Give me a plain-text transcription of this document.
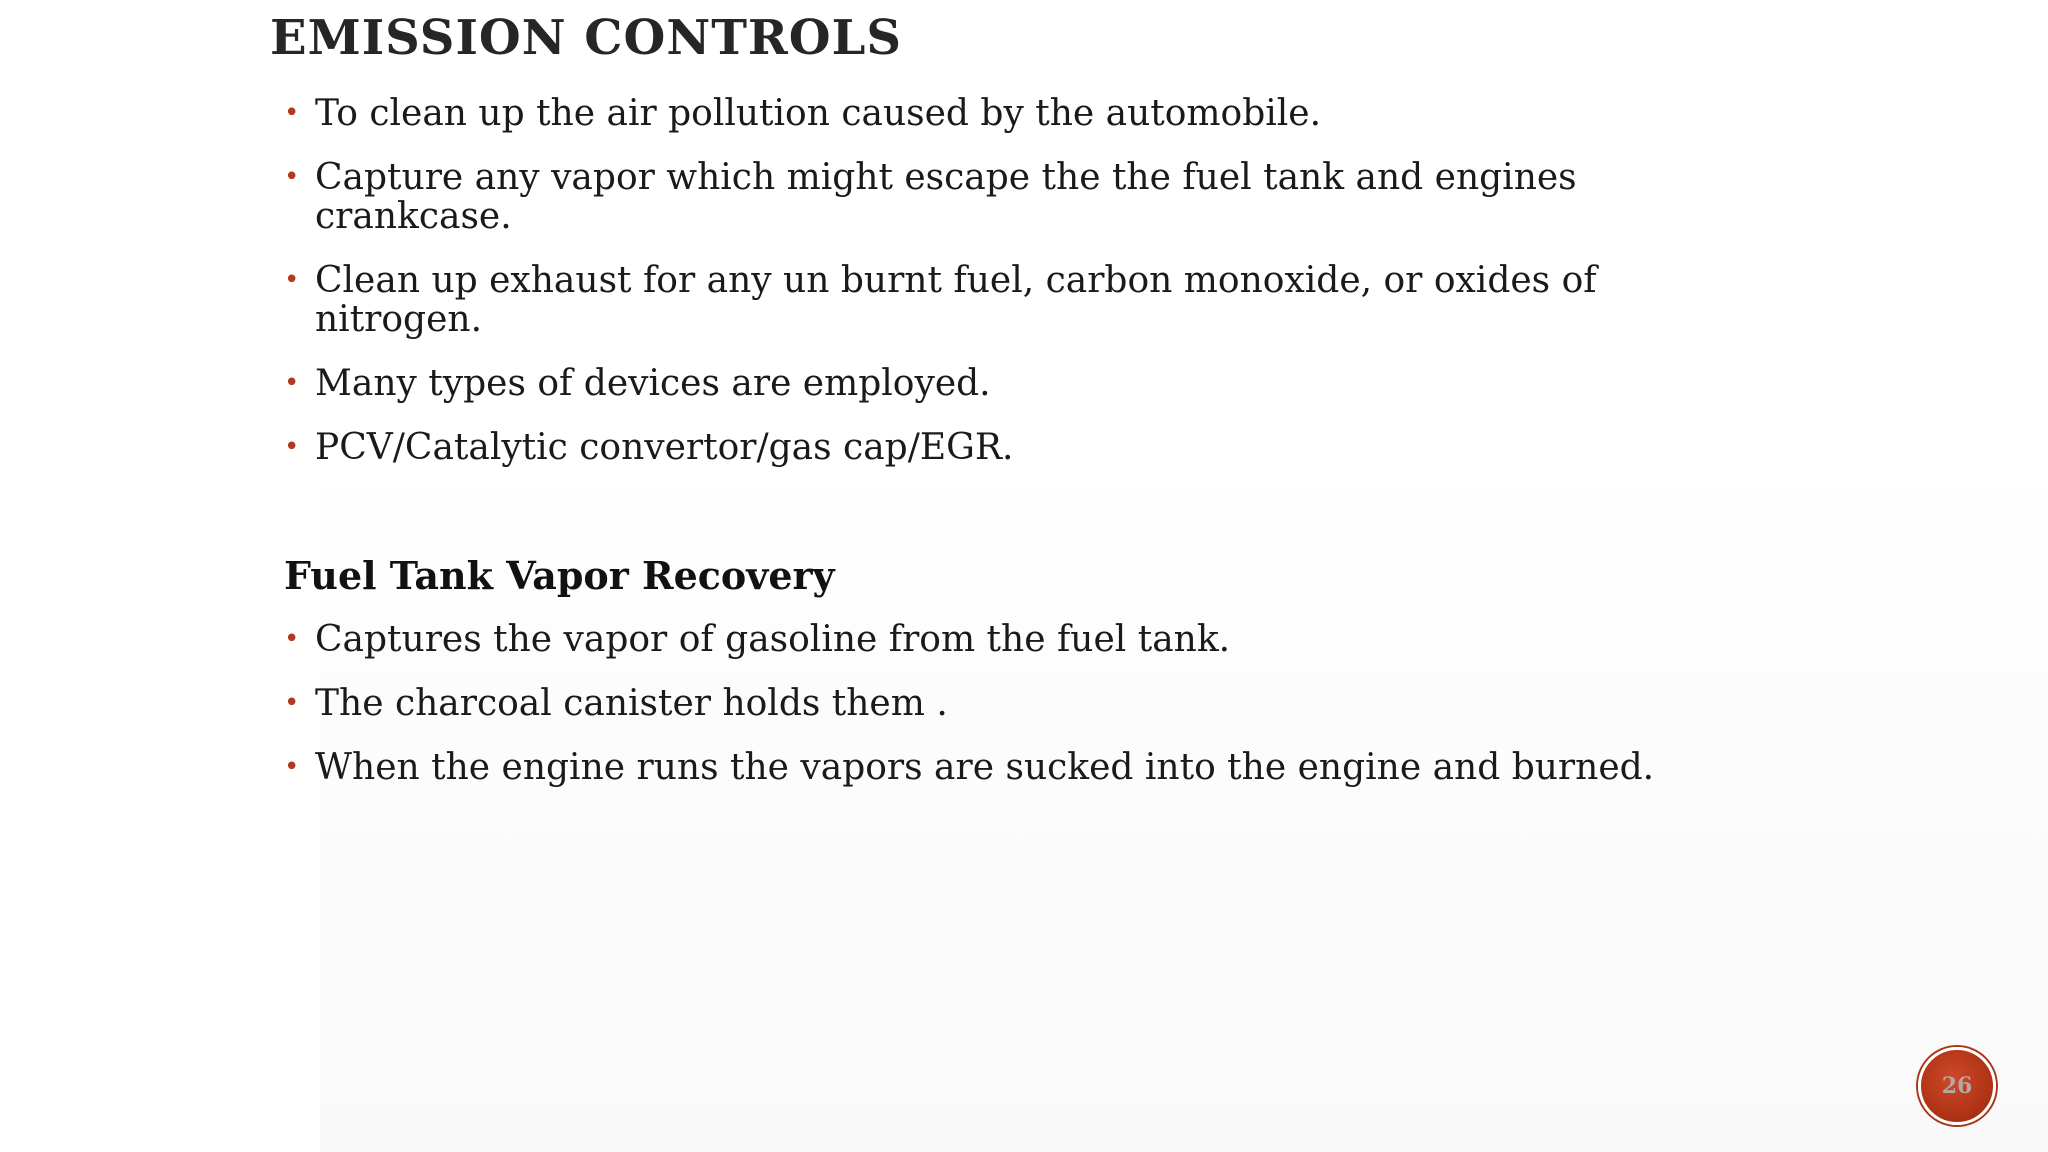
EMISSION CONTROLS
• To clean up the air pollution caused by the automobile.
• Capture any vapor which might escape the the fuel tank and engines crankcase.
• Clean up exhaust for any un burnt fuel, carbon monoxide, or oxides of nitrogen.
• Many types of devices are employed.
• PCV/Catalytic convertor/gas cap/EGR.
Fuel Tank Vapor Recovery
• Captures the vapor of gasoline from the fuel tank.
• The charcoal canister holds them .
• When the engine runs the vapors are sucked into the engine and burned.
26
